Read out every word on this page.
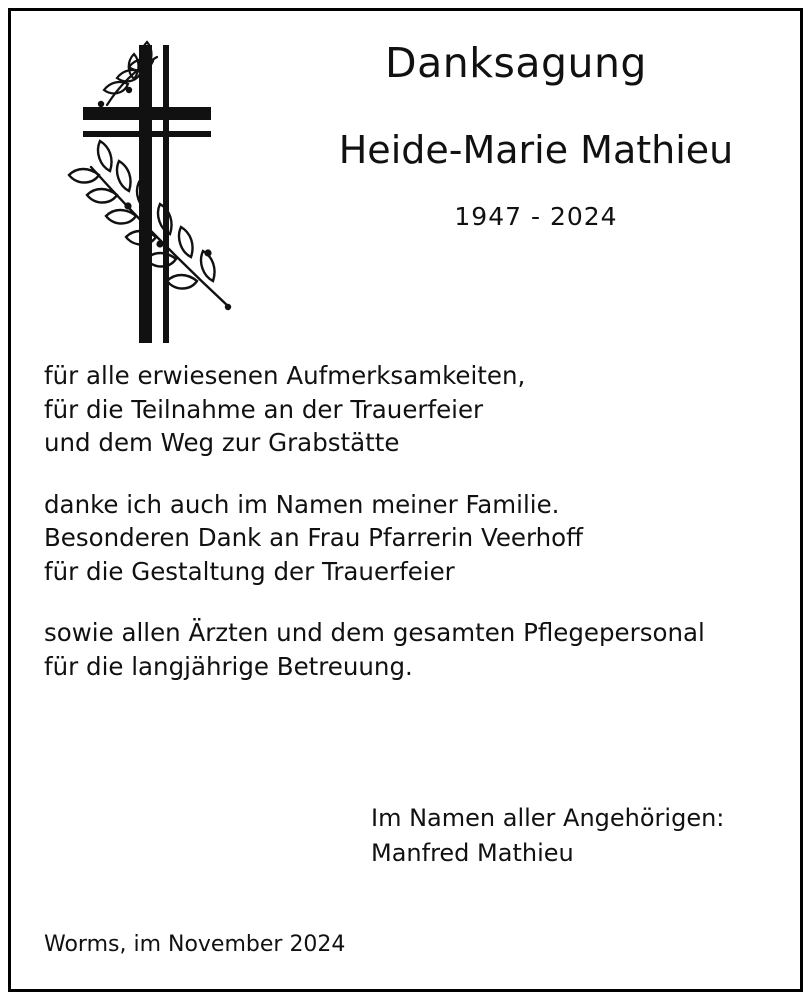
Danksagung
Heide-Marie Mathieu
1947 - 2024

für alle erwiesenen Aufmerksamkeiten,
für die Teilnahme an der Trauerfeier
und dem Weg zur Grabstätte

danke ich auch im Namen meiner Familie.
Besonderen Dank an Frau Pfarrerin Veerhoff
für die Gestaltung der Trauerfeier

sowie allen Ärzten und dem gesamten Pflegepersonal
für die langjährige Betreuung.

Im Namen aller Angehörigen:
Manfred Mathieu
Worms, im November 2024
